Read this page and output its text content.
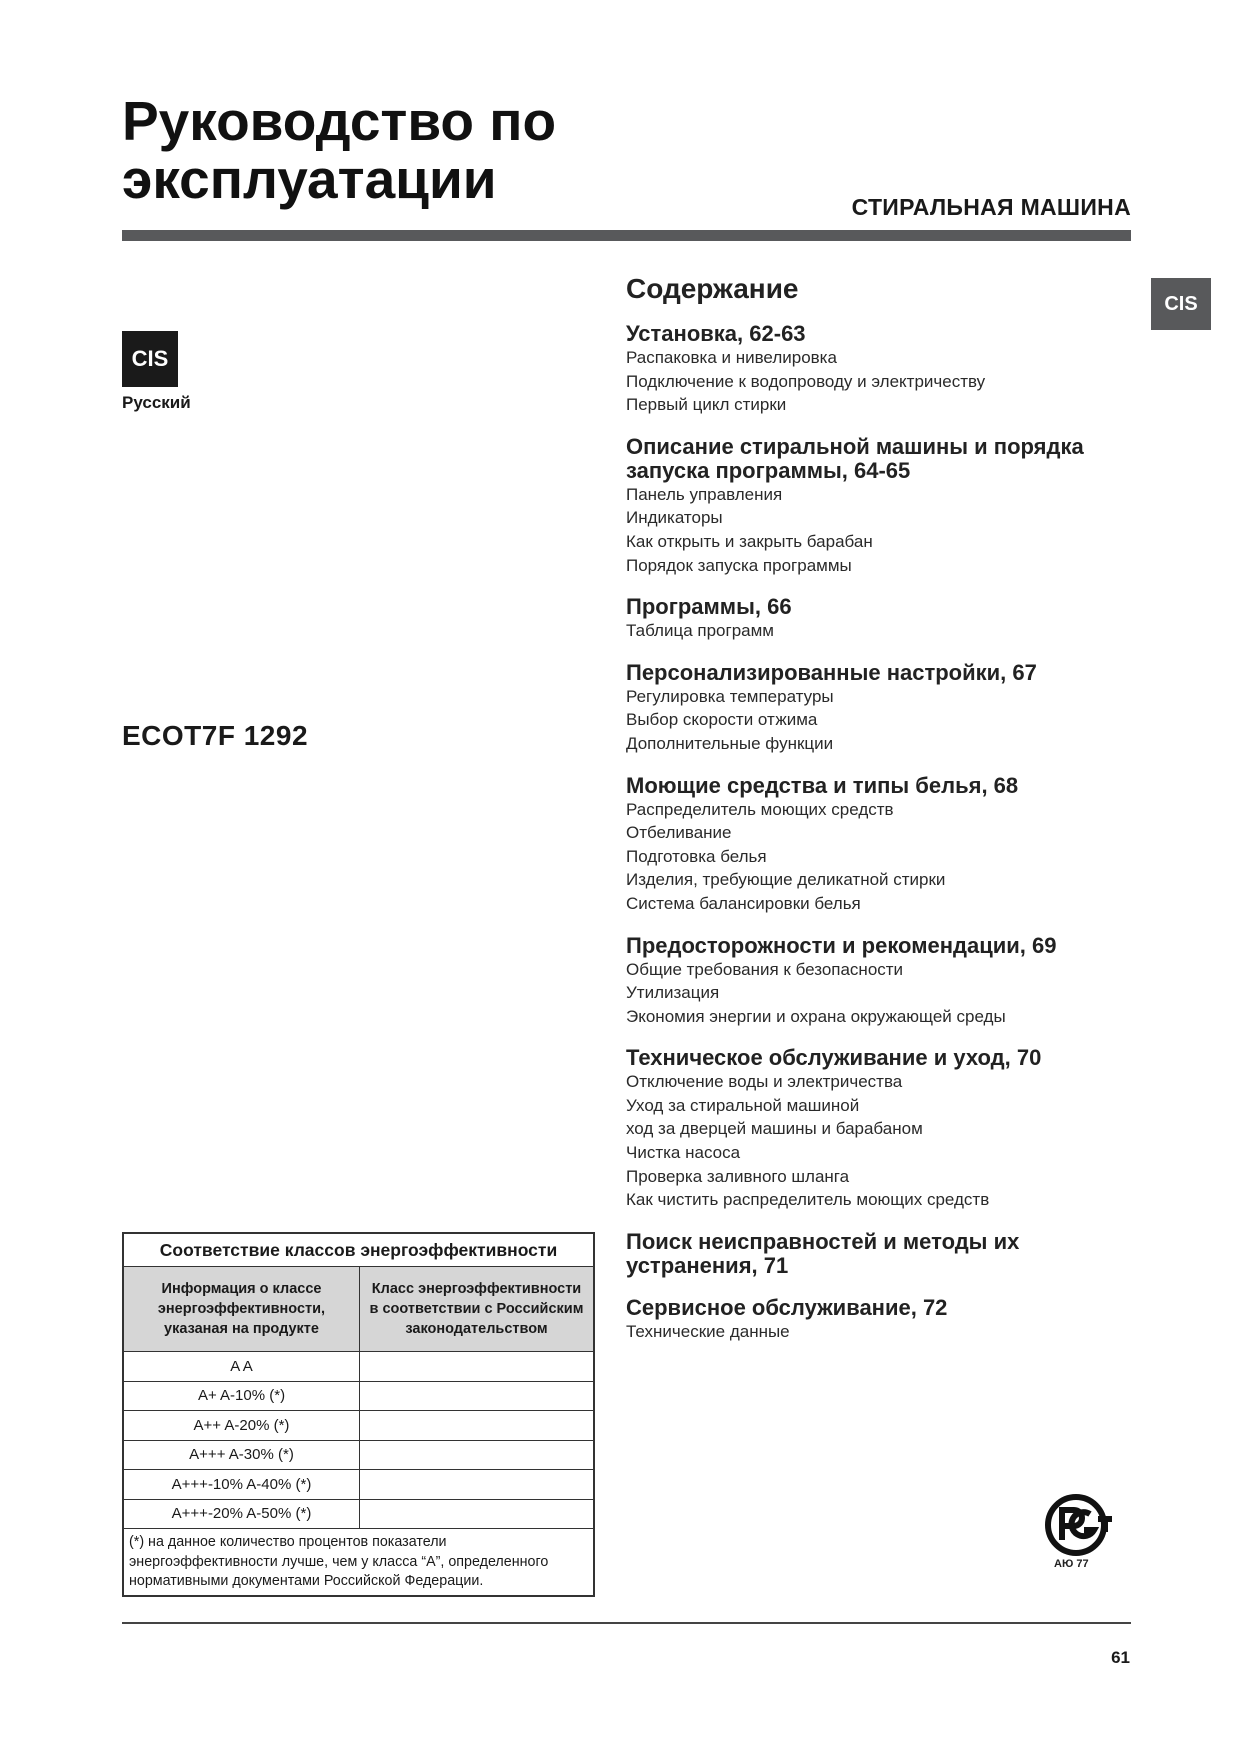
Руководство по
эксплуатации	СТИРАЛЬНАЯ МАШИНА
CIS
CIS
Русский
ECOT7F 1292
Содержание
Установка, 62-63
Распаковка и нивелировка
Подключение к водопроводу и электричеству
Первый цикл стирки
Описание стиральной машины и порядка запуска программы, 64-65
Панель управления
Индикаторы
Как открыть и закрыть барабан
Порядок запуска программы
Программы, 66
Таблица программ
Персонализированные настройки, 67
Регулировка температуры
Выбор скорости отжима
Дополнительные функции
Моющие средства и типы белья, 68
Распределитель моющих средств
Отбеливание
Подготовка белья
Изделия, требующие деликатной стирки
Система балансировки белья
Предосторожности и рекомендации, 69
Общие требования к безопасности
Утилизация
Экономия энергии и охрана окружающей среды
Техническое обслуживание и уход, 70
Отключение воды и электричества
Уход за стиральной машиной
ход за дверцей машины и барабаном
Чистка насоса
Проверка заливного шланга
Как чистить распределитель моющих средств
Поиск неисправностей и методы их устранения, 71
Сервисное обслуживание, 72
Технические данные
Соответствие классов энергоэффективности
Информация о классе энергоэффективности, указаная на продукте
Класс энергоэффективности в соответствии с Российским законодательством
A A
A+ A-10% (*)
A++ A-20% (*)
A+++ A-30% (*)
A+++-10% A-40% (*)
A+++-20% A-50% (*)
(*) на данное количество процентов показатели энергоэффективности лучше, чем у класса “А”, определенного нормативными документами Российской Федерации.
АЮ 77
61
